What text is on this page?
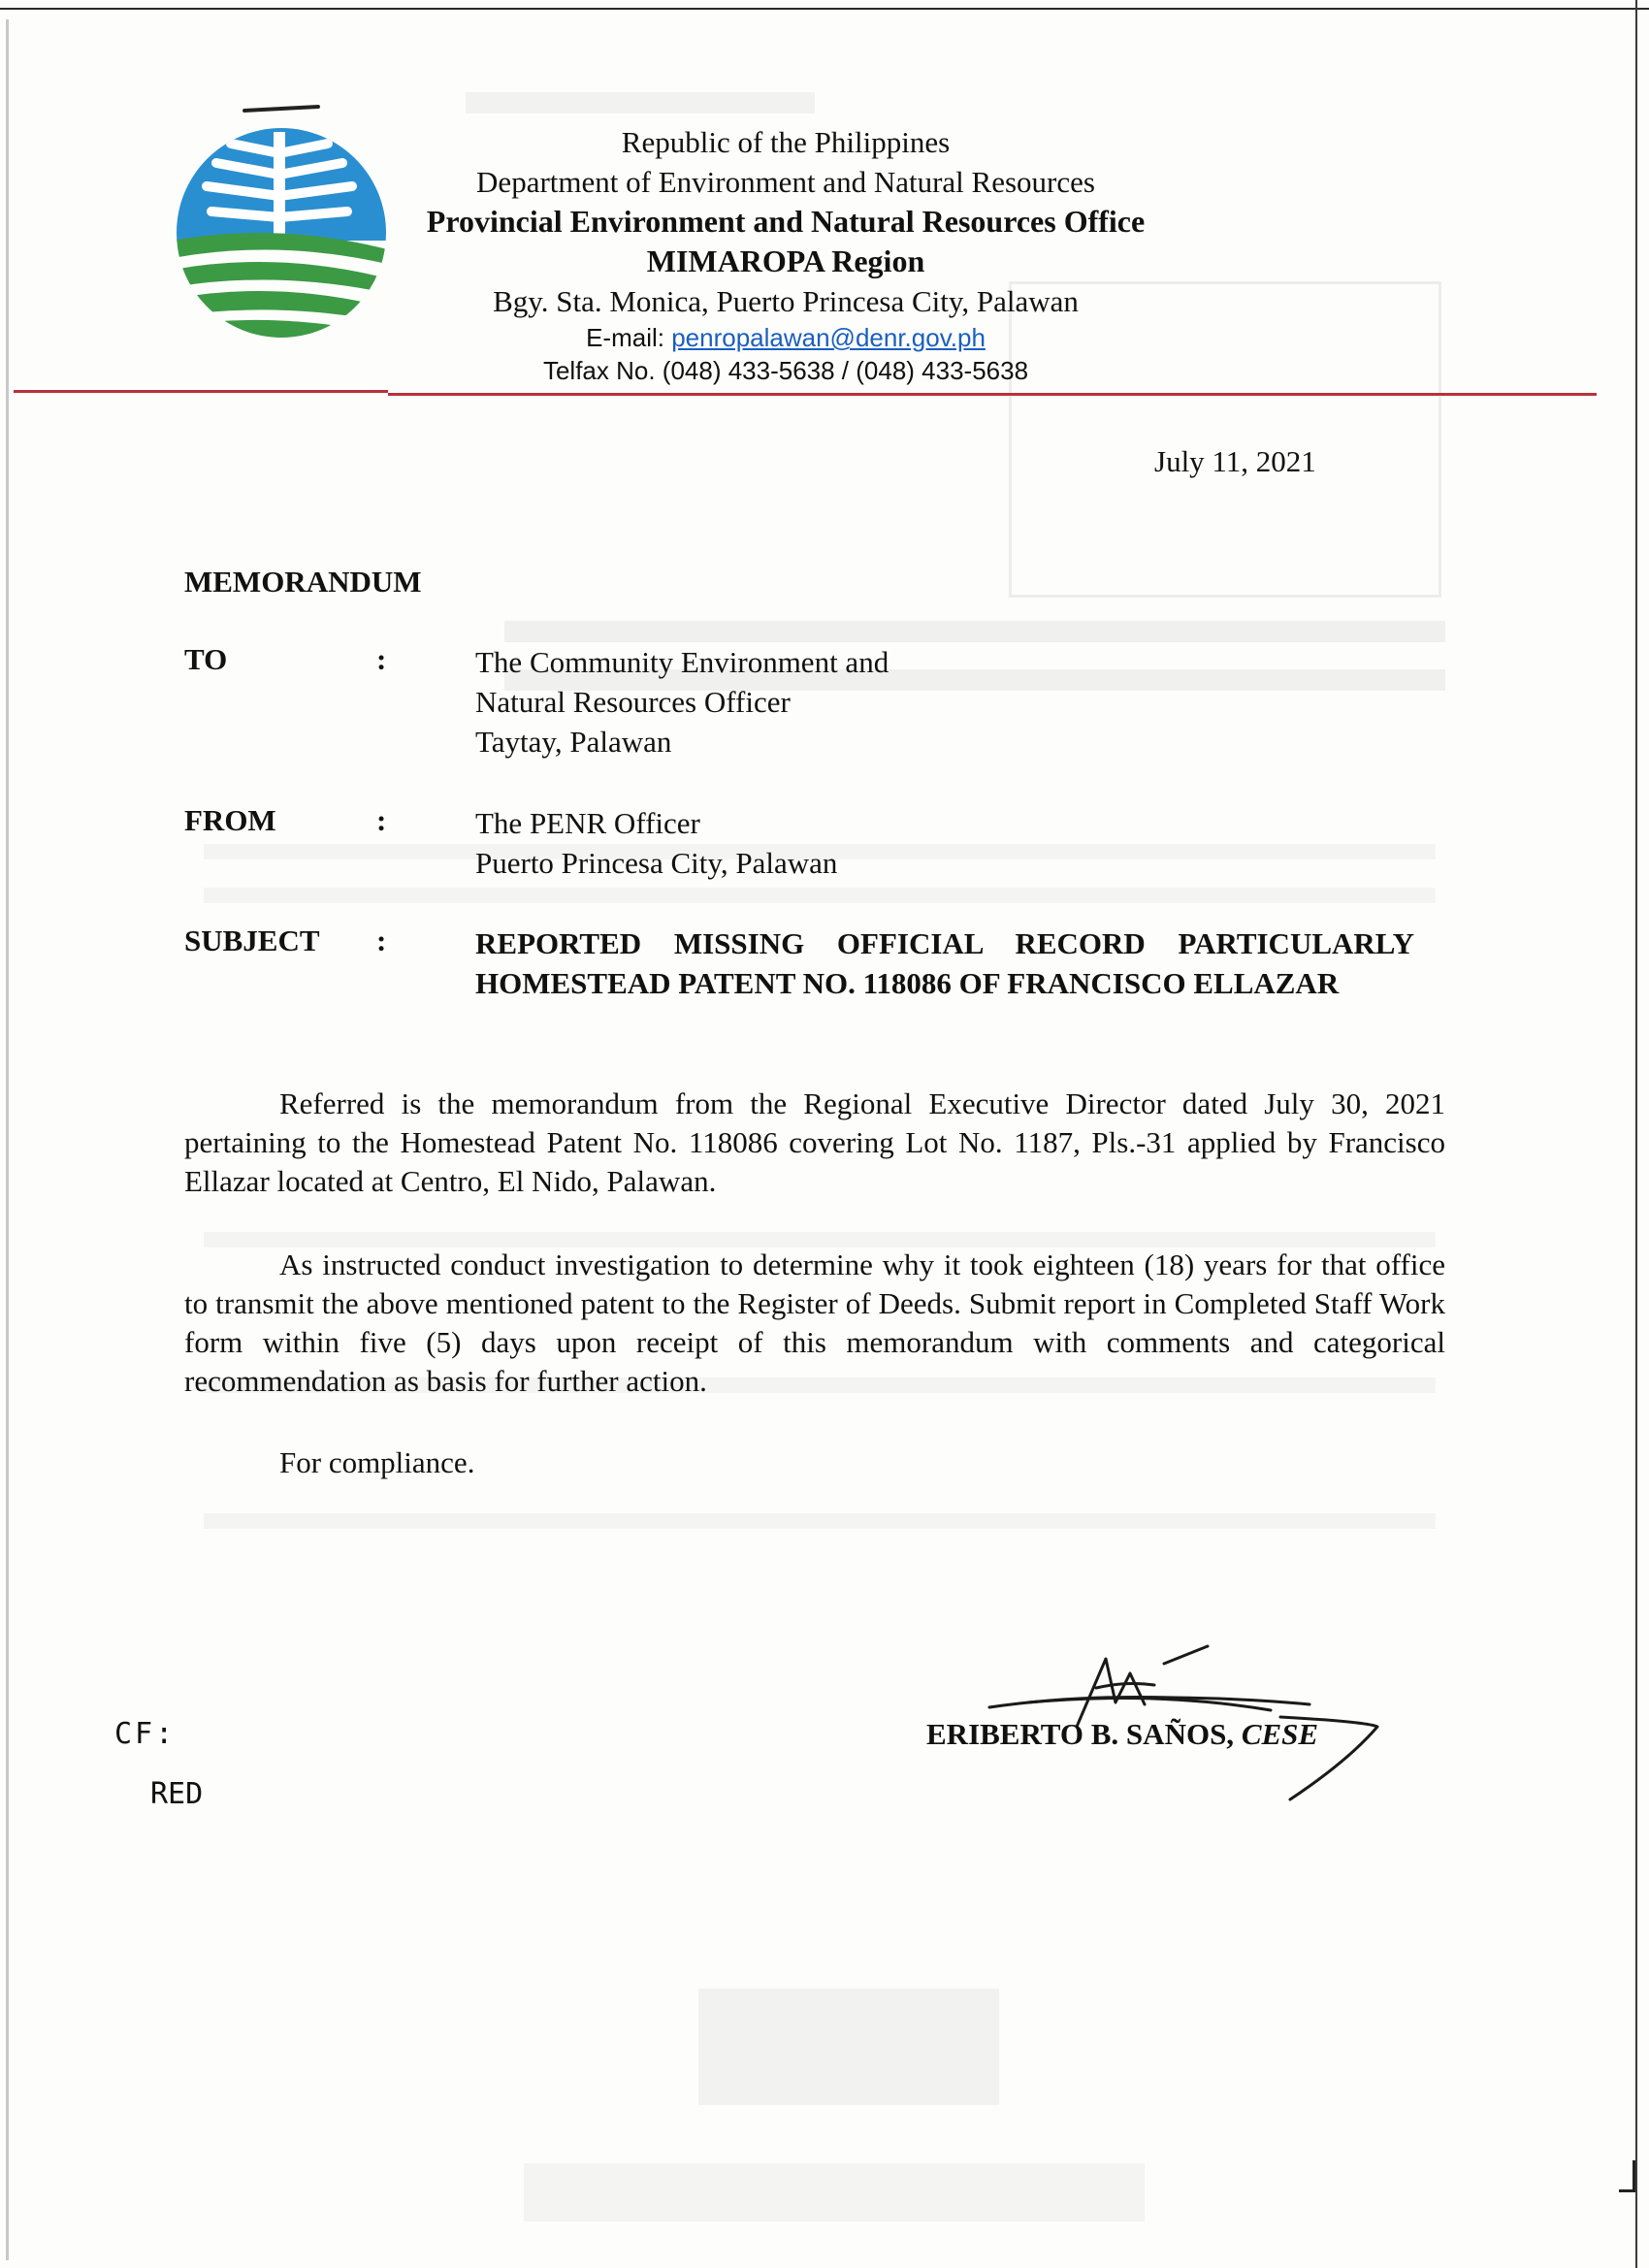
Republic of the Philippines
Department of Environment and Natural Resources
Provincial Environment and Natural Resources Office
MIMAROPA Region
Bgy. Sta. Monica, Puerto Princesa City, Palawan
E-mail: penropalawan@denr.gov.ph
Telfax No. (048) 433-5638 / (048) 433-5638
July 11, 2021
MEMORANDUM
TO	:	The Community Environment and
Natural Resources Officer
Taytay, Palawan
FROM	:	The PENR Officer
Puerto Princesa City, Palawan
SUBJECT :	REPORTED MISSING OFFICIAL RECORD PARTICULARLY
HOMESTEAD PATENT NO. 118086 OF FRANCISCO ELLAZAR
Referred is the memorandum from the Regional Executive Director dated July 30, 2021 pertaining to the Homestead Patent No. 118086 covering Lot No. 1187, Pls.-31 applied by Francisco Ellazar located at Centro, El Nido, Palawan.
As instructed conduct investigation to determine why it took eighteen (18) years for that office to transmit the above mentioned patent to the Register of Deeds. Submit report in Completed Staff Work form within five (5) days upon receipt of this memorandum with comments and categorical recommendation as basis for further action.
For compliance.
ERIBERTO B. SAÑOS, CESE
CF:
RED
